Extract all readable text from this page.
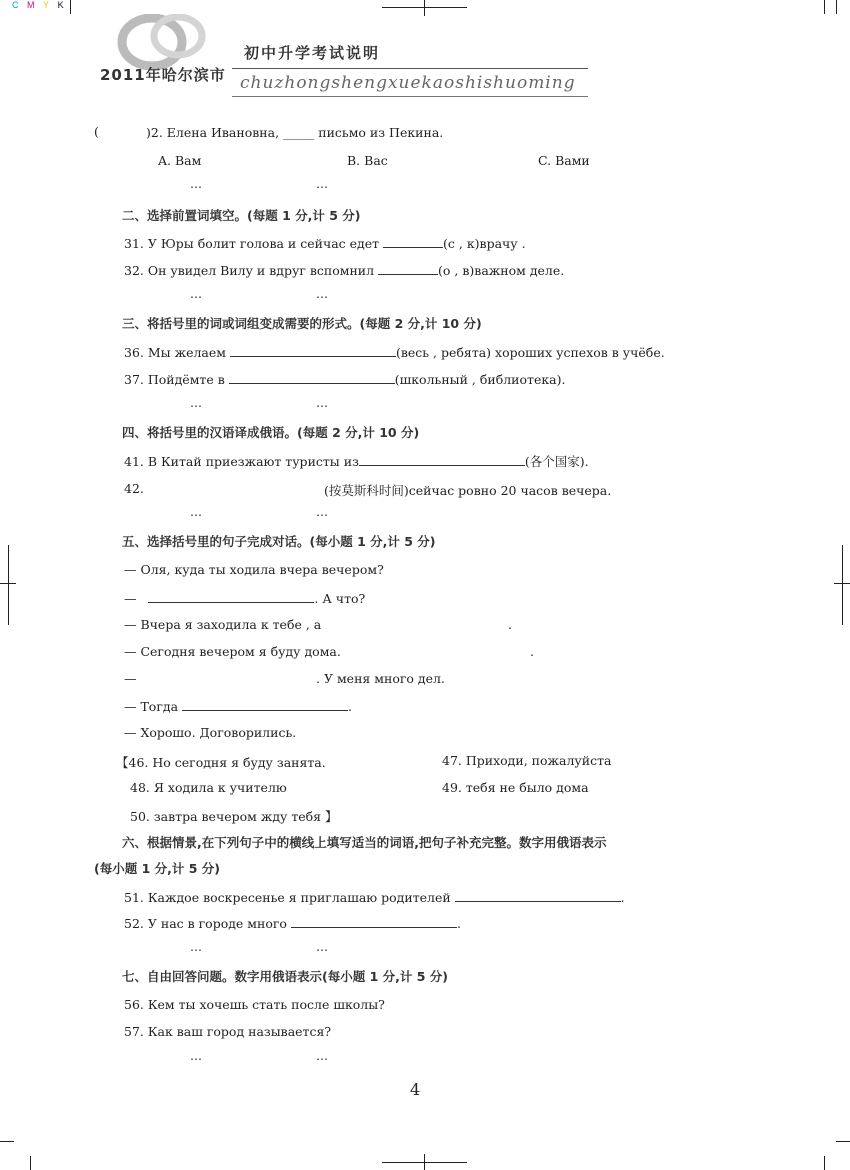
C M Y K
2011年哈尔滨市
初中升学考试说明
chuzhongshengxuekaoshishuoming
(	)2. Елена Ивановна, _____ письмо из Пекина.
A. Вам	B. Вас	C. Вами
…	…
二、选择前置词填空。(每题 1 分,计 5 分)
31. У Юры болит голова и сейчас едет	(с , к)врачу .
32. Он увидел Вилу и вдруг вспомнил	(о , в)важном деле.
…	…
三、将括号里的词或词组变成需要的形式。(每题 2 分,计 10 分)
36. Мы желаем	(весь , ребята) хороших успехов в учёбе.
37. Пойдёмте в	(школьный , библиотека).
…	…
四、将括号里的汉语译成俄语。(每题 2 分,计 10 分)
41. В Китай приезжают туристы из	(各个国家).
42.	(按莫斯科时间)сейчас ровно 20 часов вечера.
…	…
五、选择括号里的句子完成对话。(每小题 1 分,计 5 分)
— Оля, куда ты ходила вчера вечером?
—	. А что?
— Вчера я заходила к тебе , а	.
— Сегодня вечером я буду дома.	.
—	. У меня много дел.
— Тогда	.
— Хорошо. Договорились.
【46. Но сегодня я буду занята.	47. Приходи, пожалуйста
48. Я ходила к учителю	49. тебя не было дома
50. завтра вечером жду тебя 】
六、根据情景,在下列句子中的横线上填写适当的词语,把句子补充完整。数字用俄语表示
(每小题 1 分,计 5 分)
51. Каждое воскресенье я приглашаю родителей	.
52. У нас в городе много	.
…	…
七、自由回答问题。数字用俄语表示(每小题 1 分,计 5 分)
56. Кем ты хочешь стать после школы?
57. Как ваш город называется?
…	…
4
